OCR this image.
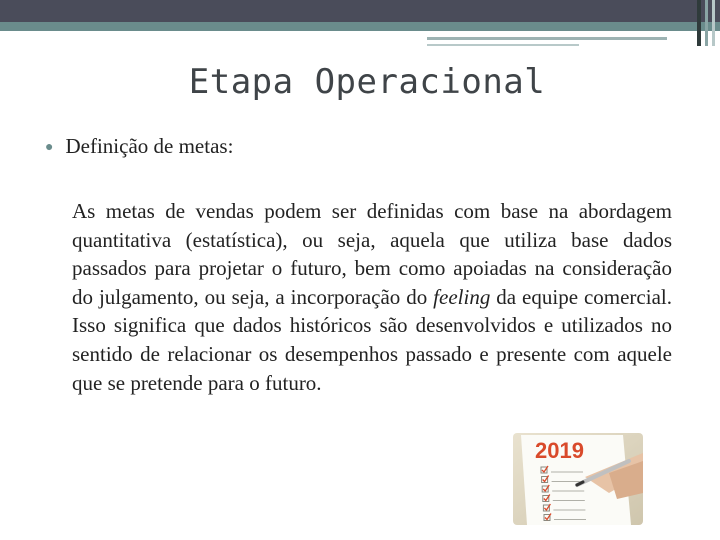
Etapa Operacional
● Definição de metas:
As metas de vendas podem ser definidas com base na abordagem quantitativa (estatística), ou seja, aquela que utiliza base dados passados para projetar o futuro, bem como apoiadas na consideração do julgamento, ou seja, a incorporação do feeling da equipe comercial. Isso significa que dados históricos são desenvolvidos e utilizados no sentido de relacionar os desempenhos passado e presente com aquele que se pretende para o futuro.
2019
